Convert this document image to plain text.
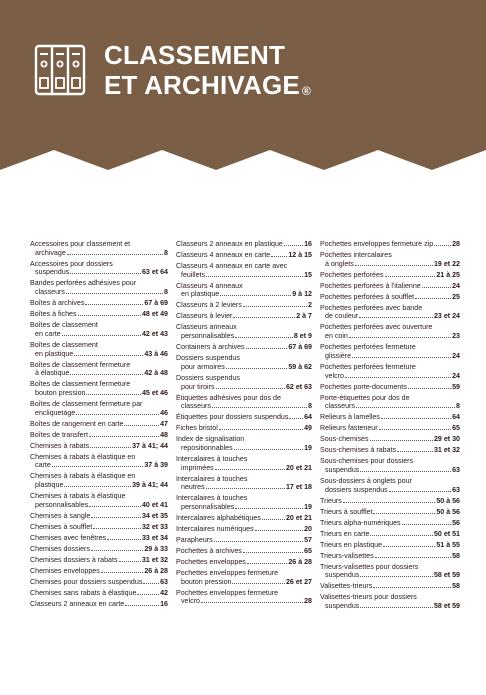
CLASSEMENT
ET ARCHIVAGE ®
Accessoires pour classement et
archivage	8
Accessoires pour dossiers
suspendus	63 et 64
Bandes perforées adhésives pour
classeurs	8
Boîtes à archives	67 à 69
Boîtes à fiches	48 et 49
Boîtes de classement
en carte	42 et 43
Boîtes de classement
en plastique	43 à 46
Boîtes de classement fermeture
à élastique	42 à 48
Boîtes de classement fermeture
bouton pression	45 et 46
Boîtes de classement fermeture par
encliquetage	46
Boîtes de rangement en carte	47
Boîtes de transfert	48
Chemises à rabats	37 à 41; 44
Chemises à rabats à élastique en
carte	37 à 39
Chemises à rabats à élastique en
plastique	39 à 41; 44
Chemises à rabats à élastique
personnalisables	40 et 41
Chemises à sangle	34 et 35
Chemises à soufflet	32 et 33
Chemises avec fenêtres	33 et 34
Chemises dossiers	29 à 33
Chemises dossiers à rabats	31 et 32
Chemises enveloppes	26 à 28
Chemises pour dossiers suspendus 63
Chemises sans rabats à élastique	42
Classeurs 2 anneaux en carte	16
Classeurs 2 anneaux en plastique	16
Classeurs 4 anneaux en carte	12 à 15
Classeurs 4 anneaux en carte avec
feuillets	15
Classeurs 4 anneaux
en plastique	9 à 12
Classeurs à 2 leviers	2
Classeurs à levier	2 à 7
Classeurs anneaux
personnalisables	8 et 9
Containers à archives	67 à 69
Dossiers suspendus
pour armoires	59 à 62
Dossiers suspendus
pour tiroirs	62 et 63
Étiquettes adhésives pour dos de
classeurs	8
Étiquettes pour dossiers suspendus 64
Fiches bristol	49
Index de signalisation
repositionnables	19
Intercalaires à touches
imprimées	20 et 21
Intercalaires à touches
neutres	17 et 18
Intercalaires à touches
personnalisables	19
Intercalaires alphabétiques	20 et 21
Intercalaires numériques	20
Parapheurs	57
Pochettes à archives	65
Pochettes enveloppes	26 à 28
Pochettes enveloppes fermeture
bouton pression	26 et 27
Pochettes enveloppes fermeture
velcro	28
Pochettes enveloppes fermeture zip	28
Pochettes intercalaires
à onglets	19 et 22
Pochettes perforées	21 à 25
Pochettes perforées à l'italienne	24
Pochettes perforées à soufflet	25
Pochettes perforées avec bande
de couleur	23 et 24
Pochettes perforées avec ouverture
en coin	23
Pochettes perforées fermeture
glissière	24
Pochettes perforées fermeture
velcro	24
Pochettes porte-documents	59
Porte-étiquettes pour dos de
classeurs	8
Relieurs à lamelles	64
Relieurs fasteneur	65
Sous-chemises	29 et 30
Sous-chemises à rabats	31 et 32
Sous-chemises pour dossiers
suspendus	63
Sous-dossiers à onglets pour
dossiers suspendus	63
Trieurs	50 à 56
Trieurs à soufflet	50 à 56
Trieurs alpha-numériques	56
Trieurs en carte	50 et 51
Trieurs en plastique	51 à 55
Trieurs-valisettes	58
Trieurs-valisettes pour dossiers
suspendus	58 et 59
Valisettes-trieurs	58
Valisettes-trieurs pour dossiers
suspendus	58 et 59
